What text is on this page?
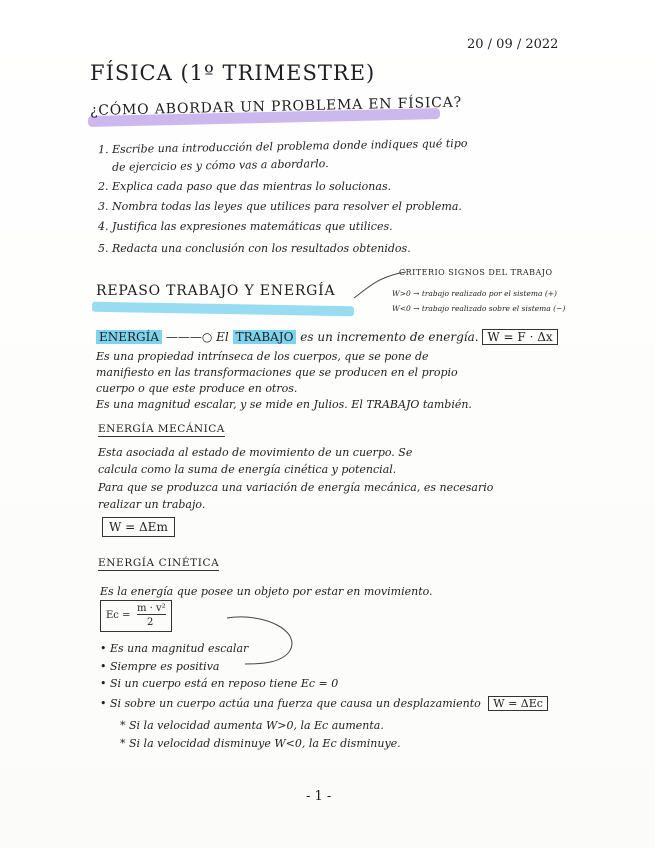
20 / 09 / 2022
FÍSICA (1º TRIMESTRE)
¿CÓMO ABORDAR UN PROBLEMA EN FÍSICA?
1. Escribe una introducción del problema donde indiques qué tipo
de ejercicio es y cómo vas a abordarlo.
2. Explica cada paso que das mientras lo solucionas.
3. Nombra todas las leyes que utilices para resolver el problema.
4. Justifica las expresiones matemáticas que utilices.
5. Redacta una conclusión con los resultados obtenidos.
REPASO TRABAJO Y ENERGÍA
CRITERIO SIGNOS DEL TRABAJO
W>0 → trabajo realizado por el sistema (+)
W<0 → trabajo realizado sobre el sistema (−)
ENERGÍA ———○ El TRABAJO es un incremento de energía. W = F · Δx
Es una propiedad intrínseca de los cuerpos, que se pone de
manifiesto en las transformaciones que se producen en el propio
cuerpo o que este produce en otros.
Es una magnitud escalar, y se mide en Julios. El TRABAJO también.
ENERGÍA MECÁNICA
Esta asociada al estado de movimiento de un cuerpo. Se
calcula como la suma de energía cinética y potencial.
Para que se produzca una variación de energía mecánica, es necesario
realizar un trabajo.
W = ΔEm
ENERGÍA CINÉTICA
Es la energía que posee un objeto por estar en movimiento.
Ec =
m · v²
2
• Es una magnitud escalar
• Siempre es positiva
• Si un cuerpo está en reposo tiene Ec = 0
• Si sobre un cuerpo actúa una fuerza que causa un desplazamiento W = ΔEc
* Si la velocidad aumenta W>0, la Ec aumenta.
* Si la velocidad disminuye W<0, la Ec disminuye.
- 1 -
